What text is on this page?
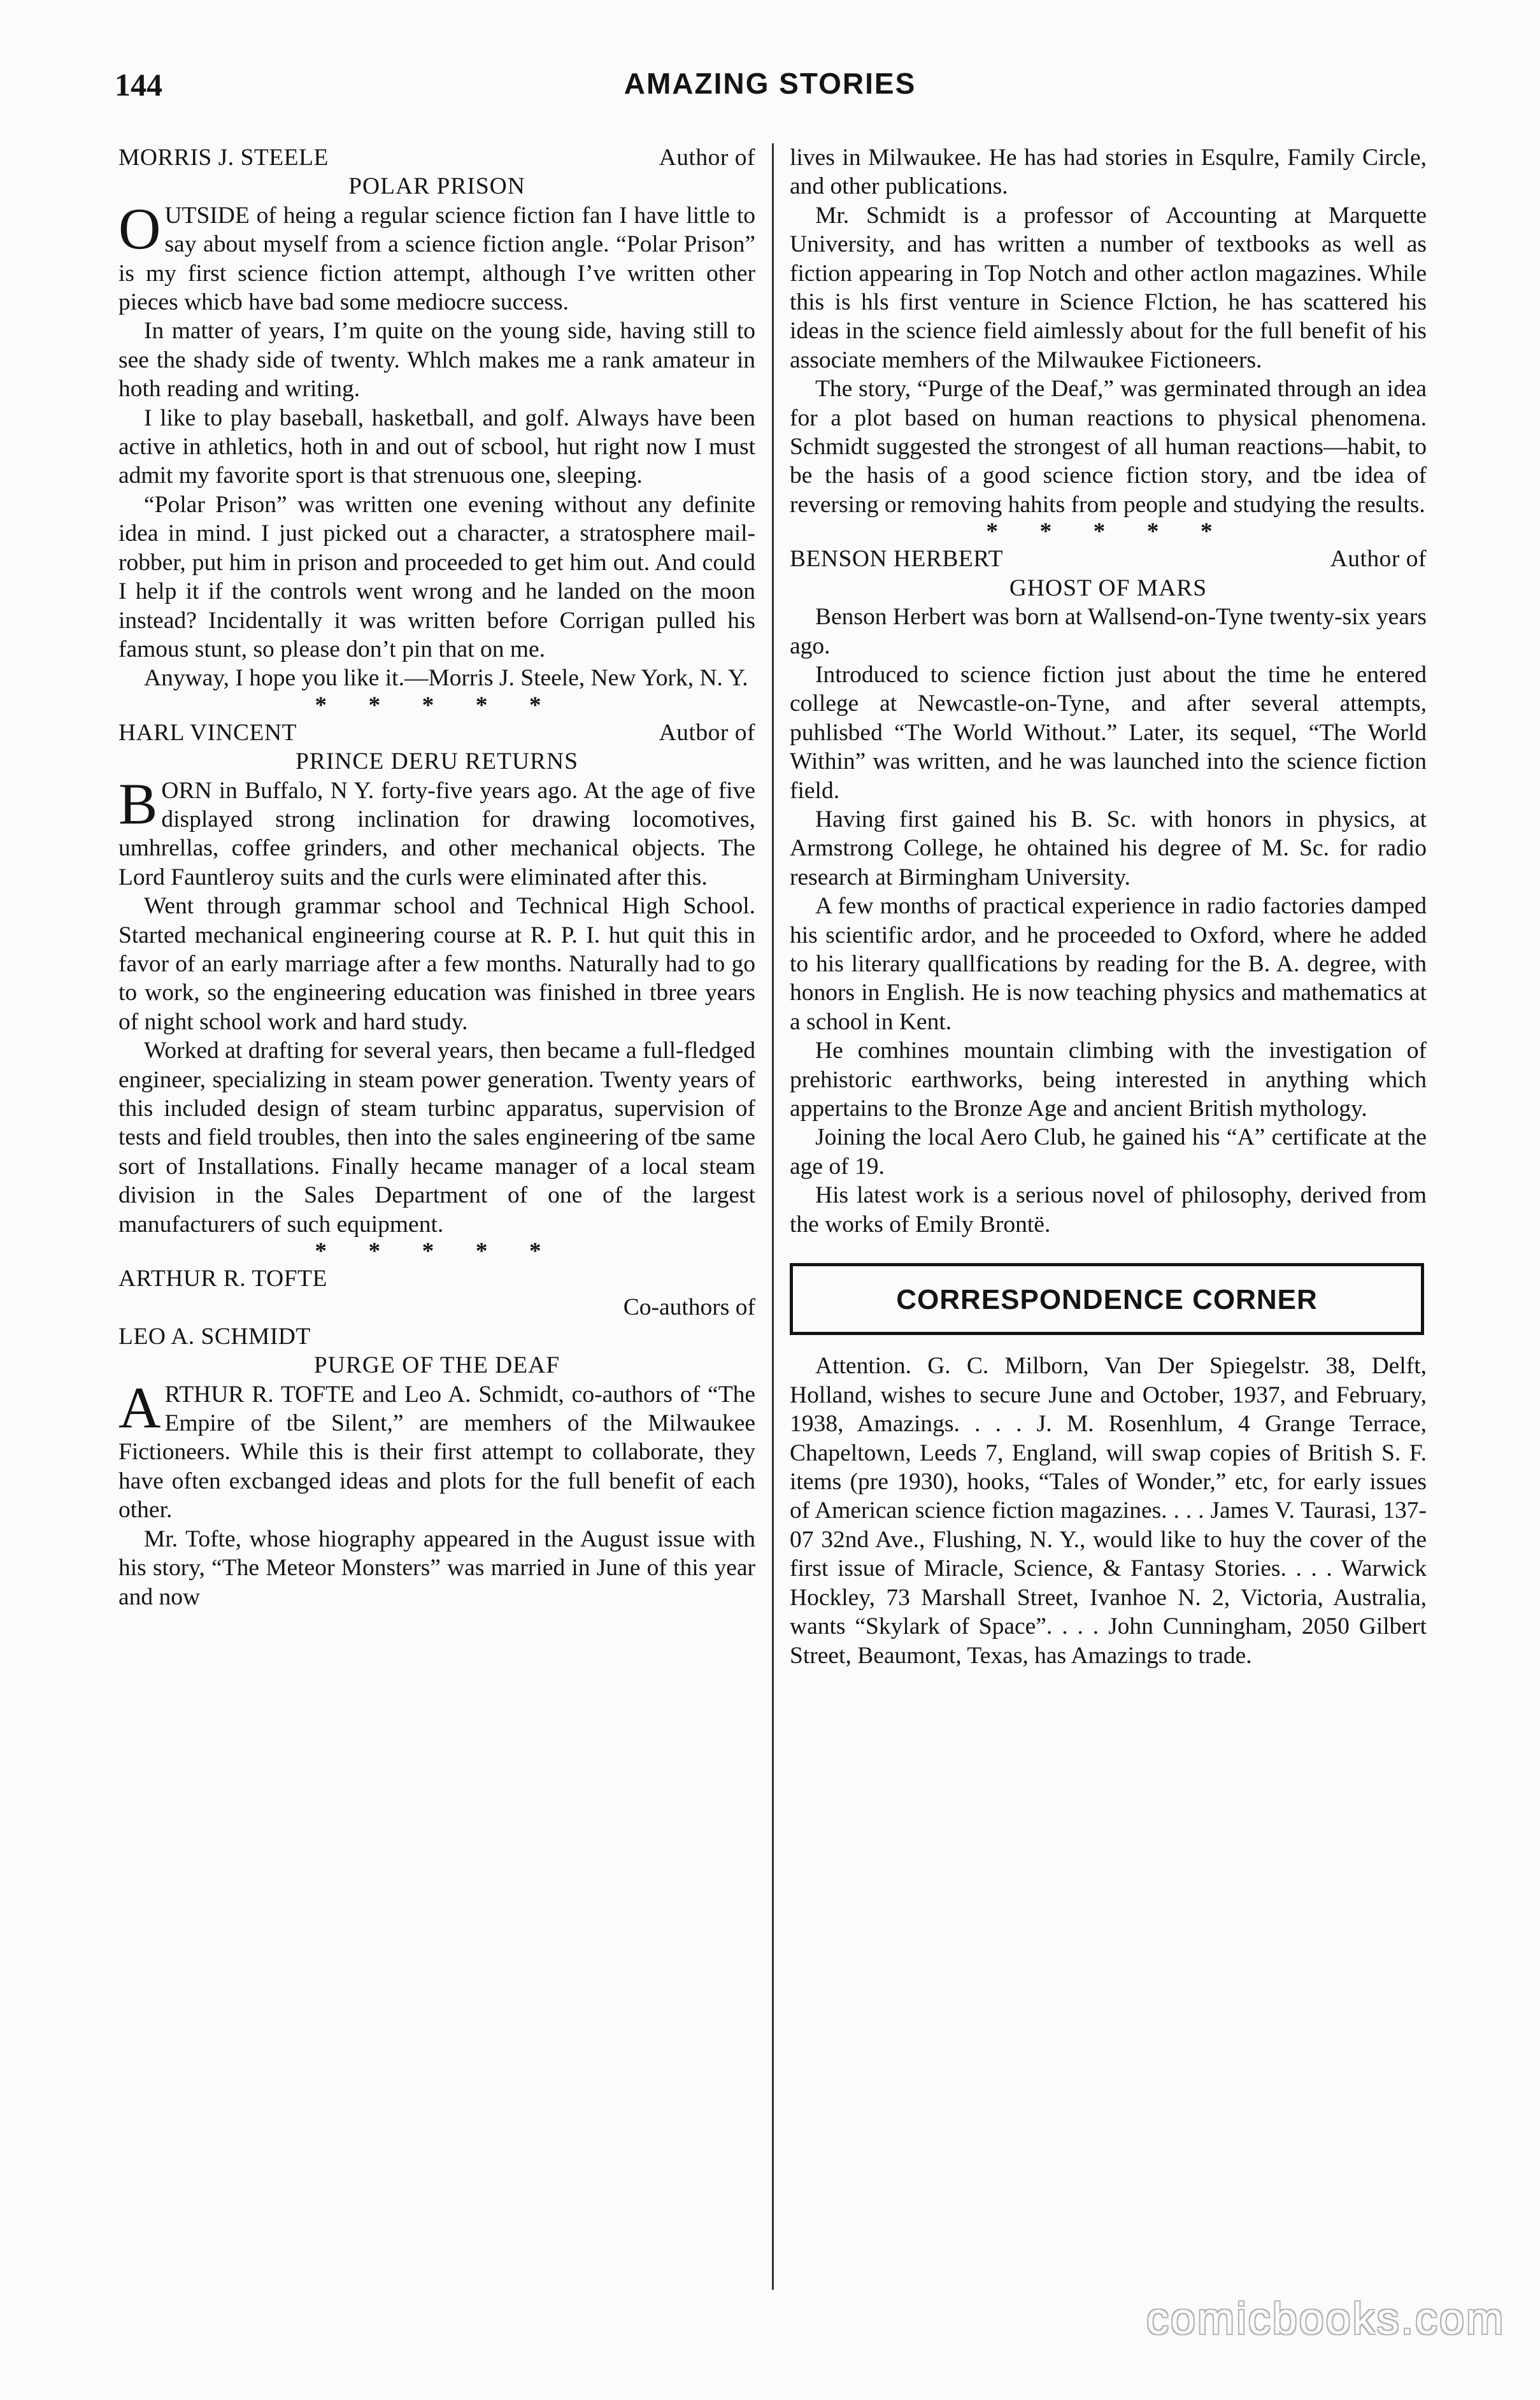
144	AMAZING STORIES
MORRIS J. STEELE	Author of
POLAR PRISON

OUTSIDE of heing a regular science fiction fan I have little to say about myself from a science fiction angle. “Polar Prison” is my first science fiction attempt, although I’ve written other pieces whicb have bad some mediocre success.

In matter of years, I’m quite on the young side, having still to see the shady side of twenty. Whlch makes me a rank amateur in hoth reading and writing.

I like to play baseball, hasketball, and golf. Always have been active in athletics, hoth in and out of scbool, hut right now I must admit my favorite sport is that strenuous one, sleeping.

“Polar Prison” was written one evening without any definite idea in mind. I just picked out a character, a stratosphere mail-robber, put him in prison and proceeded to get him out. And could I help it if the controls went wrong and he landed on the moon instead? Incidentally it was written before Corrigan pulled his famous stunt, so please don’t pin that on me.

Anyway, I hope you like it.—Morris J. Steele, New York, N. Y.

* * * * *
HARL VINCENT	Autbor of
PRINCE DERU RETURNS

BORN in Buffalo, N Y. forty-five years ago. At the age of five displayed strong inclination for drawing locomotives, umhrellas, coffee grinders, and other mechanical objects. The Lord Fauntleroy suits and the curls were eliminated after this.

Went through grammar school and Technical High School. Started mechanical engineering course at R. P. I. hut quit this in favor of an early marriage after a few months. Naturally had to go to work, so the engineering education was finished in tbree years of night school work and hard study.

Worked at drafting for several years, then became a full-fledged engineer, specializing in steam power generation. Twenty years of this included design of steam turbinc apparatus, supervision of tests and field troubles, then into the sales engineering of tbe same sort of Installations. Finally hecame manager of a local steam division in the Sales Department of one of the largest manufacturers of such equipment.

* * * * *
ARTHUR R. TOFTE
Co-authors of
LEO A. SCHMIDT
PURGE OF THE DEAF

ARTHUR R. TOFTE and Leo A. Schmidt, co-authors of “The Empire of tbe Silent,” are memhers of the Milwaukee Fictioneers. While this is their first attempt to collaborate, they have often excbanged ideas and plots for the full benefit of each other.

Mr. Tofte, whose hiography appeared in the August issue with his story, “The Meteor Monsters” was married in June of this year and now

lives in Milwaukee. He has had stories in Esqulre, Family Circle, and other publications.

Mr. Schmidt is a professor of Accounting at Marquette University, and has written a number of textbooks as well as fiction appearing in Top Notch and other actlon magazines. While this is hls first venture in Science Flction, he has scattered his ideas in the science field aimlessly about for the full benefit of his associate memhers of the Milwaukee Fictioneers.

The story, “Purge of the Deaf,” was germinated through an idea for a plot based on human reactions to physical phenomena. Schmidt suggested the strongest of all human reactions—habit, to be the hasis of a good science fiction story, and tbe idea of reversing or removing hahits from people and studying the results.

* * * * *
BENSON HERBERT	Author of
GHOST OF MARS

Benson Herbert was born at Wallsend-on-Tyne twenty-six years ago.

Introduced to science fiction just about the time he entered college at Newcastle-on-Tyne, and after several attempts, puhlisbed “The World Without.” Later, its sequel, “The World Within” was written, and he was launched into the science fiction field.

Having first gained his B. Sc. with honors in physics, at Armstrong College, he ohtained his degree of M. Sc. for radio research at Birmingham University.

A few months of practical experience in radio factories damped his scientific ardor, and he proceeded to Oxford, where he added to his literary quallfications by reading for the B. A. degree, with honors in English. He is now teaching physics and mathematics at a school in Kent.

He comhines mountain climbing with the investigation of prehistoric earthworks, being interested in anything which appertains to the Bronze Age and ancient British mythology.

Joining the local Aero Club, he gained his “A” certificate at the age of 19.

His latest work is a serious novel of philosophy, derived from the works of Emily Brontë.

CORRESPONDENCE CORNER

Attention. G. C. Milborn, Van Der Spiegelstr. 38, Delft, Holland, wishes to secure June and October, 1937, and February, 1938, Amazings. . . . J. M. Rosenhlum, 4 Grange Terrace, Chapeltown, Leeds 7, England, will swap copies of British S. F. items (pre 1930), hooks, “Tales of Wonder,” etc, for early issues of American science fiction magazines. . . . James V. Taurasi, 137-07 32nd Ave., Flushing, N. Y., would like to huy the cover of the first issue of Miracle, Science, & Fantasy Stories. . . . Warwick Hockley, 73 Marshall Street, Ivanhoe N. 2, Victoria, Australia, wants “Skylark of Space”. . . . John Cunningham, 2050 Gilbert Street, Beaumont, Texas, has Amazings to trade.

comicbooks.com
